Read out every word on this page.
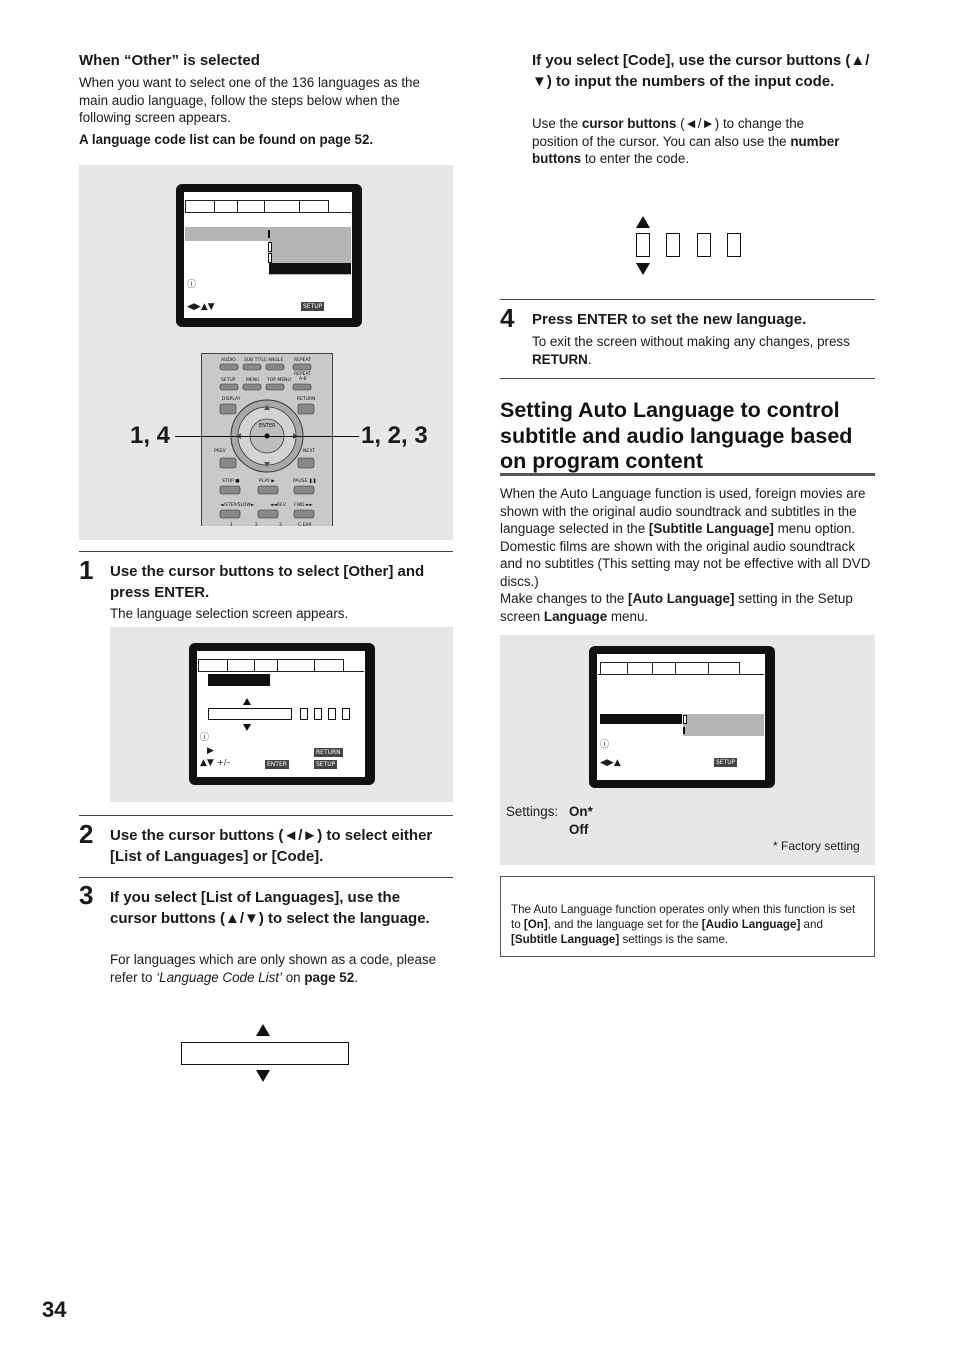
When “Other” is selected
When you want to select one of the 136 languages as the main audio language, follow the steps below when the following screen appears.
A language code list can be found on page 52.
ⓘ
◀▶▲▼	SETUP
AUDIO SUB TITLE ANGLE REPEAT
SETUP MENU TOP MENU
REPEAT
A-B
DISPLAY	RETURN
PREV	NEXT
STOP ■	PLAY ▶	PAUSE ❚❚
◄/STEP/SLOW►	◄◄REV FWD ►►
1	2	3	C.EAR
ENTER
1, 4	1, 2, 3
1 Use the cursor buttons to select [Other] and press ENTER.
The language selection screen appears.
ⓘ
▶
▲▼ +/–
RETURN
ENTER	SETUP
2 Use the cursor buttons (◄/►) to select either [List of Languages] or [Code].
3 If you select [List of Languages], use the cursor buttons (▲/▼) to select the language.
For languages which are only shown as a code, please refer to ‘Language Code List’ on page 52.
If you select [Code], use the cursor buttons (▲/▼) to input the numbers of the input code.
Use the cursor buttons (◄/►) to change the position of the cursor. You can also use the number buttons to enter the code.
4 Press ENTER to set the new language.
To exit the screen without making any changes, press RETURN.
Setting Auto Language to control subtitle and audio language based on program content
When the Auto Language function is used, foreign movies are shown with the original audio soundtrack and subtitles in the language selected in the [Subtitle Language] menu option. Domestic films are shown with the original audio soundtrack and no subtitles (This setting may not be effective with all DVD discs.)
Make changes to the [Auto Language] setting in the Setup screen Language menu.
ⓘ
◀▶▲	SETUP
Settings: On*
Off
* Factory setting
The Auto Language function operates only when this function is set to [On], and the language set for the [Audio Language] and [Subtitle Language] settings is the same.
34
